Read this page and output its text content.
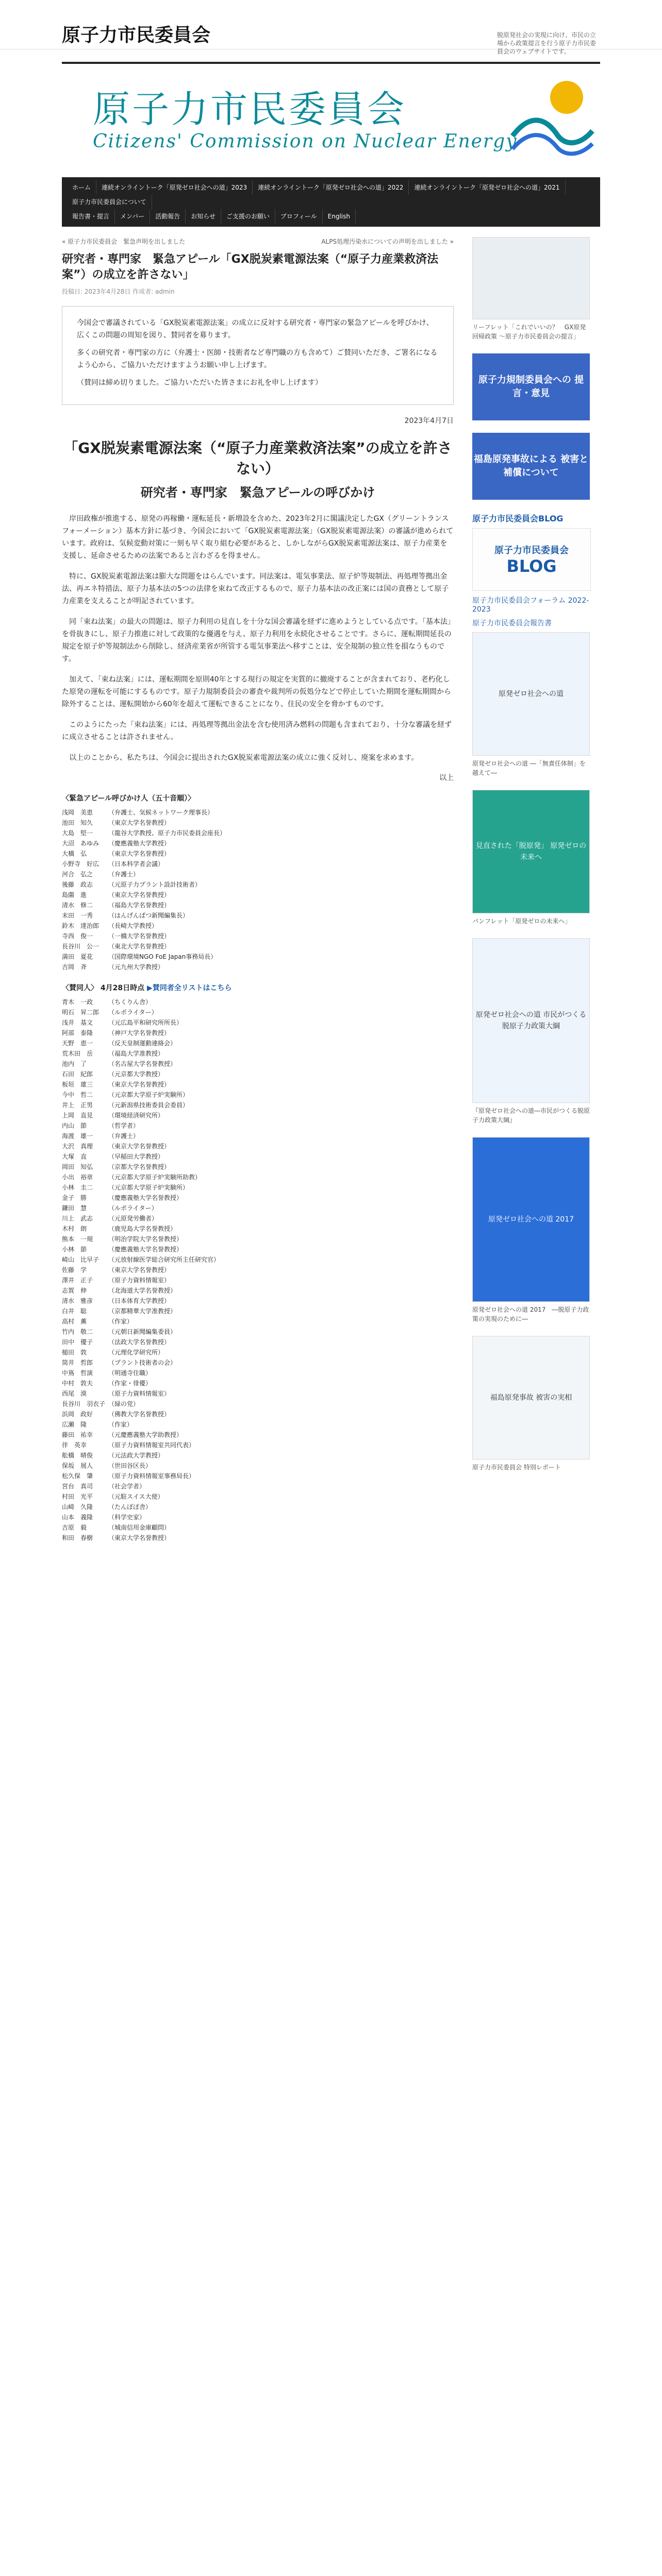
原子力市民委員会	脱原発社会の実現に向け、市民の立場から政策提言を行う原子力市民委員会のウェブサイトです。
原子力市民委員会
Citizens' Commission on Nuclear Energy
ホーム	連続オンライントーク「原発ゼロ社会への道」2023	連続オンライントーク「原発ゼロ社会への道」2022	連続オンライントーク「原発ゼロ社会への道」2021
原子力市民委員会について
報告書・提言	メンバー	活動報告	お知らせ	ご支援のお願い	プロフィール	English
« 原子力市民委員会　緊急声明を出しました	ALPS処理汚染水についての声明を出しました »
研究者・専門家　緊急アピール「GX脱炭素電源法案（“原子力産業救済法案”）の成立を許さない」
投稿日: 2023年4月28日 作成者: admin
今国会で審議されている「GX脱炭素電源法案」の成立に反対する研究者・専門家の緊急アピールを呼びかけ、広くこの問題の周知を図り、賛同者を募ります。
多くの研究者・専門家の方に（弁護士・医師・技術者など専門職の方も含めて）ご賛同いただき、ご署名になるよう心から、ご協力いただけますようお願い申し上げます。
（賛同は締め切りました。ご協力いただいた皆さまにお礼を申し上げます）
2023年4月7日
「GX脱炭素電源法案（“原子力産業救済法案”の成立を許さない）
研究者・専門家　緊急アピールの呼びかけ

岸田政権が推進する、原発の再稼働・運転延長・新増設を含めた、2023年2月に閣議決定したGX（グリーントランスフォーメーション）基本方針に基づき、今国会において「GX脱炭素電源法案」（GX脱炭素電源法案）の審議が進められています。政府は、気候変動対策に一刻も早く取り組む必要があると、しかしながらGX脱炭素電源法案は、原子力産業を支援し、延命させるための法案であると言わざるを得ません。

特に、GX脱炭素電源法案は膨大な問題をはらんでいます。同法案は、電気事業法、原子炉等規制法、再処理等拠出金法、再エネ特措法、原子力基本法の5つの法律を束ねて改正するもので、原子力基本法の改正案には国の責務として原子力産業を支えることが明記されています。

同「束ね法案」の最大の問題は、原子力利用の見直しを十分な国会審議を経ずに進めようとしている点です。「基本法」を骨抜きにし、原子力推進に対して政策的な優遇を与え、原子力利用を永続化させることです。さらに、運転期間延長の規定を原子炉等規制法から削除し、経済産業省が所管する電気事業法へ移すことは、安全規制の独立性を損なうものです。

加えて、「束ね法案」には、運転期間を原則40年とする現行の規定を実質的に撤廃することが含まれており、老朽化した原発の運転を可能にするものです。原子力規制委員会の審査や裁判所の仮処分などで停止していた期間を運転期間から除外することは、運転開始から60年を超えて運転できることになり、住民の安全を脅かすものです。

このようにたった「束ね法案」には、再処理等拠出金法を含む使用済み燃料の問題も含まれており、十分な審議を経ずに成立させることは許されません。

以上のことから、私たちは、今国会に提出されたGX脱炭素電源法案の成立に強く反対し、廃案を求めます。

以上
〈緊急アピール呼びかけ人（五十音順）〉
浅岡　美恵	（弁護士、気候ネットワーク理事長）
池田　知久	（東京大学名誉教授）
大島　堅一	（龍谷大学教授、原子力市民委員会座長）
大沼　あゆみ	（慶應義塾大学教授）
大橋　弘	（東京大学名誉教授）
小野寺　好広	（日本科学者会議）
河合　弘之	（弁護士）
後藤　政志	（元原子力プラント設計技術者）
島薗　進	（東京大学名誉教授）
清水　修二	（福島大学名誉教授）
末田　一秀	（はんげんぱつ新聞編集長）
鈴木　達治郎	（長崎大学教授）
寺西　俊一	（一橋大学名誉教授）
長谷川　公一	（東北大学名誉教授）
満田　夏花	（国際環境NGO FoE Japan事務局長）
吉岡　斉	（元九州大学教授）
〈賛同人〉 4月28日時点 ▶賛同者全リストはこちら
青木　一政	（ちくりん舎）
明石　昇二郎	（ルポライター）
浅井　基文	（元広島平和研究所所長）
阿部　泰隆	（神戸大学名誉教授）
天野　恵一	（反天皇制運動連絡会）
荒木田　岳	（福島大学准教授）
池内　了	（名古屋大学名誉教授）
石田　紀郎	（元京都大学教授）
板垣　雄三	（東京大学名誉教授）
今中　哲二	（元京都大学原子炉実験所）
井上　正男	（元新潟県技術委員会委員）
上岡　直見	（環境経済研究所）
内山　節	（哲学者）
海渡　雄一	（弁護士）
大沢　真理	（東京大学名誉教授）
大塚　直	（早稲田大学教授）
岡田　知弘	（京都大学名誉教授）
小出　裕章	（元京都大学原子炉実験所助教）
小林　圭二	（元京都大学原子炉実験所）
金子　勝	（慶應義塾大学名誉教授）
鎌田　慧	（ルポライター）
川上　武志	（元原発労働者）
木村　朗	（鹿児島大学名誉教授）
熊本　一規	（明治学院大学名誉教授）
小林　節	（慶應義塾大学名誉教授）
崎山　比早子	（元放射線医学総合研究所主任研究官）
佐藤　学	（東京大学名誉教授）
澤井　正子	（原子力資料情報室）
志賀　伸	（北海道大学名誉教授）
清水　雅彦	（日本体育大学教授）
白井　聡	（京都精華大学准教授）
高村　薫	（作家）
竹内　敬二	（元朝日新聞編集委員）
田中　優子	（法政大学名誉教授）
槌田　敦	（元理化学研究所）
筒井　哲郎	（プラント技術者の会）
中嶌　哲演	（明通寺住職）
中村　敦夫	（作家・俳優）
西尾　漠	（原子力資料情報室）
長谷川　羽衣子 （緑の党）
浜岡　政好	（佛教大学名誉教授）
広瀬　隆	（作家）
藤田　祐幸	（元慶應義塾大学助教授）
伴　英幸	（原子力資料情報室共同代表）
舩橋　晴俊	（元法政大学教授）
保坂　展人	（世田谷区長）
松久保　肇	（原子力資料情報室事務局長）
宮台　真司	（社会学者）
村田　光平	（元駐スイス大使）
山崎　久隆	（たんぽぽ舎）
山本　義隆	（科学史家）
吉原　毅	（城南信用金庫顧問）
和田　春樹	（東京大学名誉教授）
リーフレット「これでいいの？　GX原発回帰政策 〜原子力市民委員会の提言」
原子力規制委員会への 提言・意見
福島原発事故による 被害と補償について
原子力市民委員会BLOG
原子力市民委員会
BLOG
原子力市民委員会フォーラム 2022-2023
原子力市民委員会報告書
原発ゼロ社会への道
原発ゼロ社会への道 ―「無責任体制」を越えて―
見直された「脱原発」 原発ゼロの未来へ
パンフレット「原発ゼロの未来へ」
原発ゼロ社会への道 市民がつくる 脱原子力政策大綱
『原発ゼロ社会への道―市民がつくる脱原子力政策大綱』
原発ゼロ社会への道 2017
原発ゼロ社会への道 2017　―脱原子力政策の実現のために―
福島原発事故 被害の実相
原子力市民委員会 特別レポート
